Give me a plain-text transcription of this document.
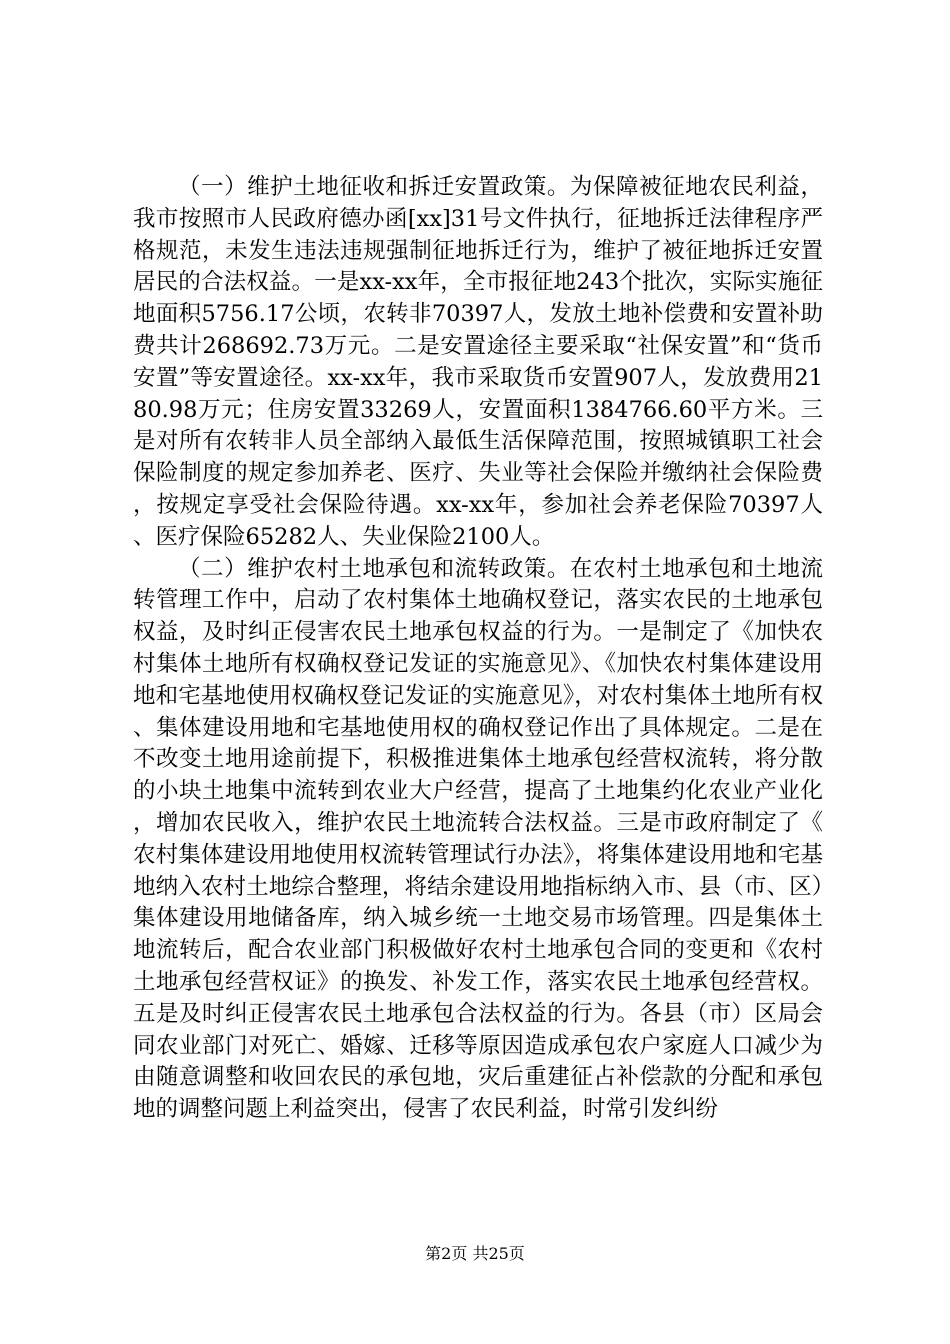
（一）维护土地征收和拆迁安置政策。为保障被征地农民利益，我市按照市人民政府德办函[xx]31号文件执行，征地拆迁法律程序严格规范，未发生违法违规强制征地拆迁行为，维护了被征地拆迁安置居民的合法权益。一是xx-xx年，全市报征地243个批次，实际实施征地面积5756.17公顷，农转非70397人，发放土地补偿费和安置补助费共计268692.73万元。二是安置途径主要采取“社保安置”和“货币安置”等安置途径。xx-xx年，我市采取货币安置907人，发放费用2180.98万元；住房安置33269人，安置面积1384766.60平方米。三是对所有农转非人员全部纳入最低生活保障范围，按照城镇职工社会保险制度的规定参加养老、医疗、失业等社会保险并缴纳社会保险费，按规定享受社会保险待遇。xx-xx年，参加社会养老保险70397人、医疗保险65282人、失业保险2100人。

（二）维护农村土地承包和流转政策。在农村土地承包和土地流转管理工作中，启动了农村集体土地确权登记，落实农民的土地承包权益，及时纠正侵害农民土地承包权益的行为。一是制定了《加快农村集体土地所有权确权登记发证的实施意见》、《加快农村集体建设用地和宅基地使用权确权登记发证的实施意见》，对农村集体土地所有权、集体建设用地和宅基地使用权的确权登记作出了具体规定。二是在不改变土地用途前提下，积极推进集体土地承包经营权流转，将分散的小块土地集中流转到农业大户经营，提高了土地集约化农业产业化，增加农民收入，维护农民土地流转合法权益。三是市政府制定了《农村集体建设用地使用权流转管理试行办法》，将集体建设用地和宅基地纳入农村土地综合整理，将结余建设用地指标纳入市、县（市、区）集体建设用地储备库，纳入城乡统一土地交易市场管理。四是集体土地流转后，配合农业部门积极做好农村土地承包合同的变更和《农村土地承包经营权证》的换发、补发工作，落实农民土地承包经营权。五是及时纠正侵害农民土地承包合法权益的行为。各县（市）区局会同农业部门对死亡、婚嫁、迁移等原因造成承包农户家庭人口减少为由随意调整和收回农民的承包地，灾后重建征占补偿款的分配和承包地的调整问题上利益突出，侵害了农民利益，时常引发纠纷

第2页 共25页
